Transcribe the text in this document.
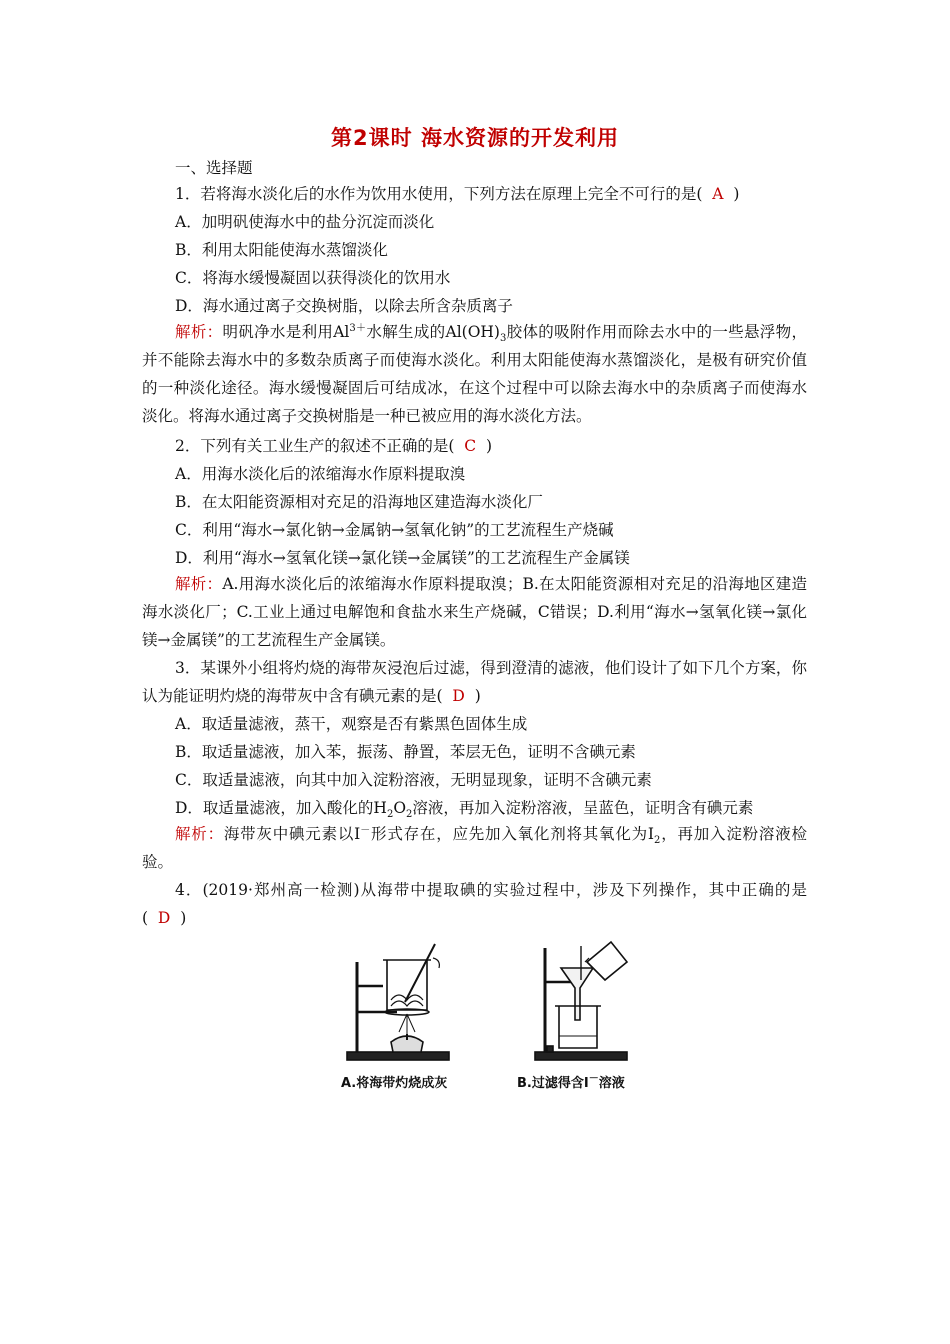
第2课时 海水资源的开发利用
一、选择题
1．若将海水淡化后的水作为饮用水使用，下列方法在原理上完全不可行的是( A )
A．加明矾使海水中的盐分沉淀而淡化
B．利用太阳能使海水蒸馏淡化
C．将海水缓慢凝固以获得淡化的饮用水
D．海水通过离子交换树脂，以除去所含杂质离子
解析：明矾净水是利用$Al^{3+}$水解生成的$Al(OH)_3$胶体的吸附作用而除去水中的一些悬浮物，并不能除去海水中的多数杂质离子而使海水淡化。利用太阳能使海水蒸馏淡化，是极有研究价值的一种淡化途径。海水缓慢凝固后可结成冰，在这个过程中可以除去海水中的杂质离子而使海水淡化。将海水通过离子交换树脂是一种已被应用的海水淡化方法。
2．下列有关工业生产的叙述不正确的是( C )
A．用海水淡化后的浓缩海水作原料提取溴
B．在太阳能资源相对充足的沿海地区建造海水淡化厂
C．利用“海水→氯化钠→金属钠→氢氧化钠”的工艺流程生产烧碱
D．利用“海水→氢氧化镁→氯化镁→金属镁”的工艺流程生产金属镁
解析：A.用海水淡化后的浓缩海水作原料提取溴；B.在太阳能资源相对充足的沿海地区建造海水淡化厂；C.工业上通过电解饱和食盐水来生产烧碱，C错误；D.利用“海水→氢氧化镁→氯化镁→金属镁”的工艺流程生产金属镁。
3．某课外小组将灼烧的海带灰浸泡后过滤，得到澄清的滤液，他们设计了如下几个方案，你认为能证明灼烧的海带灰中含有碘元素的是( D )
A．取适量滤液，蒸干，观察是否有紫黑色固体生成
B．取适量滤液，加入苯，振荡、静置，苯层无色，证明不含碘元素
C．取适量滤液，向其中加入淀粉溶液，无明显现象，证明不含碘元素
D．取适量滤液，加入酸化的$H_2O_2$溶液，再加入淀粉溶液，呈蓝色，证明含有碘元素
解析：海带灰中碘元素以I－形式存在，应先加入氧化剂将其氧化为$I_2$，再加入淀粉溶液检验。
4．(2019·郑州高一检测)从海带中提取碘的实验过程中，涉及下列操作，其中正确的是( D )
A.将海带灼烧成灰	B.过滤得含I－溶液
